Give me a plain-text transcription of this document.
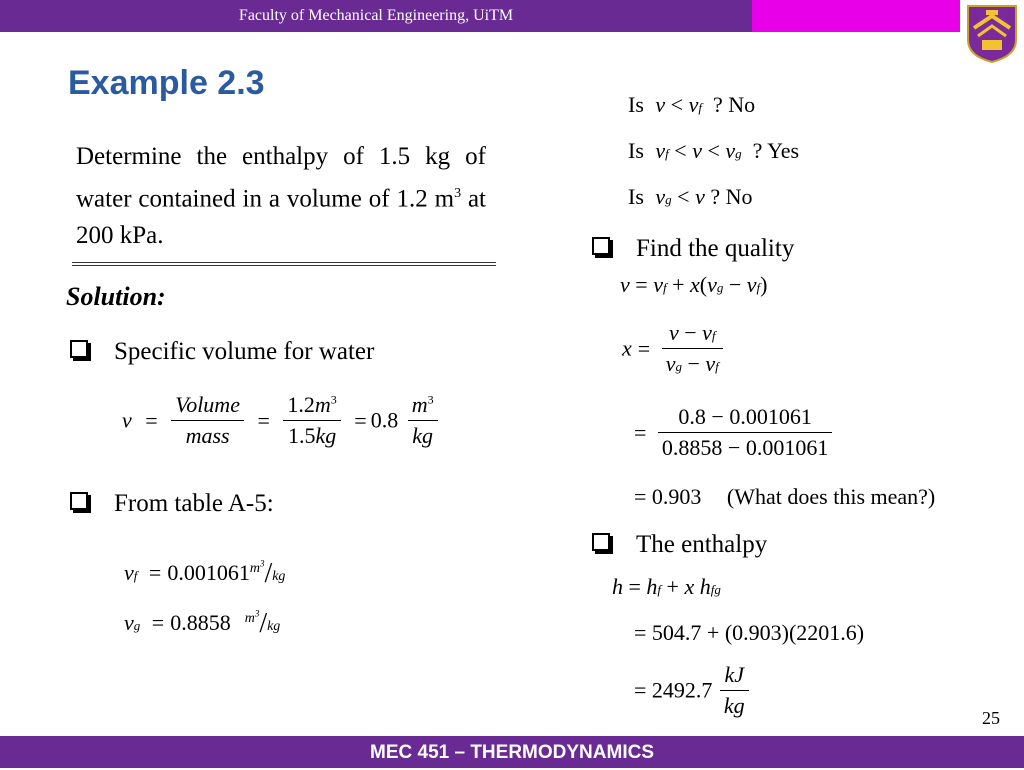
Faculty of Mechanical Engineering, UiTM
Example 2.3
Determine the enthalpy of 1.5 kg of water contained in a volume of 1.2 $m^3$ at 200 kPa.
Solution:
Specific volume for water
$v = \frac{\text{Volume}}{\text{mass}} = \frac{1.2m^3}{1.5kg} = 0.8 \frac{m^3}{kg}$
From table A-5:
vf = $0.001061^{m^3}/kg$
vg = 0.8858 $^{m^3}$/kg
Is v < vf  ? No
Is vf < v < vg  ? Yes
Is vg < v ? No
Find the quality
v = vf + x(vg − vf)
$x = \frac{v - vf}{vg - vf}$
= $\frac{0.8 - 0.001061}{0.8858 - 0.001061}$
= 0.903 (What does this mean?)
The enthalpy
h = hf + x hfg
= 504.7 + (0.903)(2201.6)
= $2492.7 \frac{kJ}{kg}$	25
MEC 451 – THERMODYNAMICS
